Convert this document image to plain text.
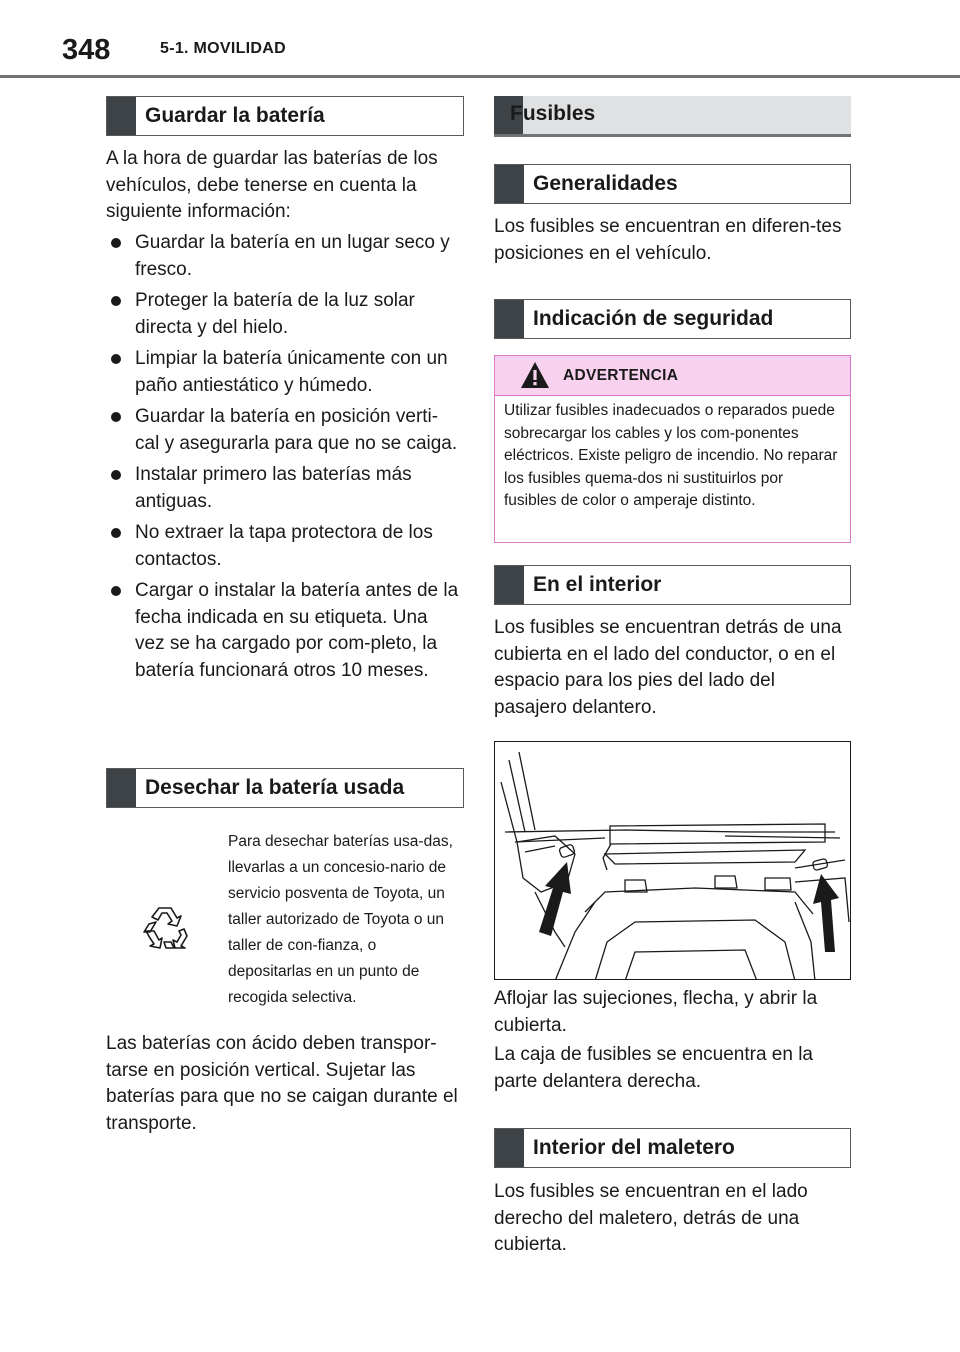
348	5-1. MOVILIDAD
Guardar la batería
A la hora de guardar las baterías de los vehículos, debe tenerse en cuenta la siguiente información:
Guardar la batería en un lugar seco y fresco.
Proteger la batería de la luz solar directa y del hielo.
Limpiar la batería únicamente con un paño antiestático y húmedo.
Guardar la batería en posición verti-cal y asegurarla para que no se caiga.
Instalar primero las baterías más antiguas.
No extraer la tapa protectora de los contactos.
Cargar o instalar la batería antes de la fecha indicada en su etiqueta. Una vez se ha cargado por com-pleto, la batería funcionará otros 10 meses.
Desechar la batería usada
Para desechar baterías usa-das, llevarlas a un concesio-nario de servicio posventa de Toyota, un taller autorizado de Toyota o un taller de con-fianza, o depositarlas en un punto de recogida selectiva.
Las baterías con ácido deben transpor-tarse en posición vertical. Sujetar las baterías para que no se caigan durante el transporte.
Fusibles
Generalidades
Los fusibles se encuentran en diferen-tes posiciones en el vehículo.
Indicación de seguridad
ADVERTENCIA
Utilizar fusibles inadecuados o reparados puede sobrecargar los cables y los com-ponentes eléctricos. Existe peligro de incendio. No reparar los fusibles quema-dos ni sustituirlos por fusibles de color o amperaje distinto.
En el interior
Los fusibles se encuentran detrás de una cubierta en el lado del conductor, o en el espacio para los pies del lado del pasajero delantero.
Aflojar las sujeciones, flecha, y abrir la cubierta.
La caja de fusibles se encuentra en la parte delantera derecha.
Interior del maletero
Los fusibles se encuentran en el lado derecho del maletero, detrás de una cubierta.
